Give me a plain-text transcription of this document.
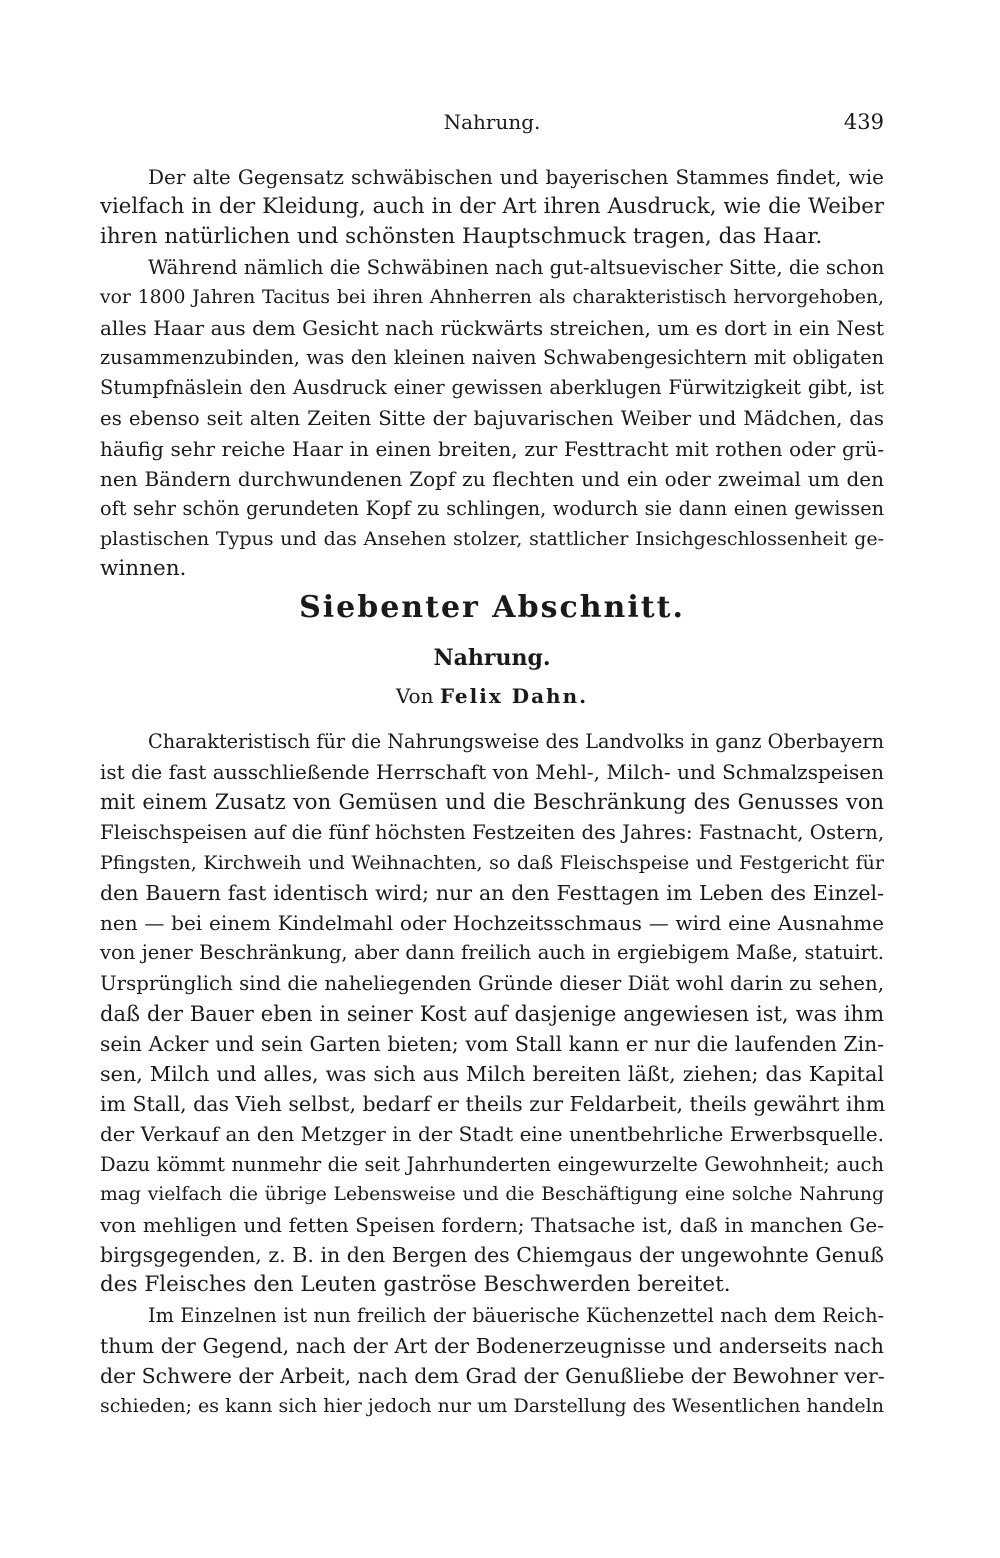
Nahrung.	439
Der alte Gegensatz schwäbischen und bayerischen Stammes findet, wie
vielfach in der Kleidung, auch in der Art ihren Ausdruck, wie die Weiber
ihren natürlichen und schönsten Hauptschmuck tragen, das Haar.
Während nämlich die Schwäbinen nach gut-altsuevischer Sitte, die schon
vor 1800 Jahren Tacitus bei ihren Ahnherren als charakteristisch hervorgehoben,
alles Haar aus dem Gesicht nach rückwärts streichen, um es dort in ein Nest
zusammenzubinden, was den kleinen naiven Schwabengesichtern mit obligaten
Stumpfnäslein den Ausdruck einer gewissen aberklugen Fürwitzigkeit gibt, ist
es ebenso seit alten Zeiten Sitte der bajuvarischen Weiber und Mädchen, das
häufig sehr reiche Haar in einen breiten, zur Festtracht mit rothen oder grü-
nen Bändern durchwundenen Zopf zu flechten und ein oder zweimal um den
oft sehr schön gerundeten Kopf zu schlingen, wodurch sie dann einen gewissen
plastischen Typus und das Ansehen stolzer, stattlicher Insichgeschlossenheit ge-
winnen.
Siebenter Abschnitt.
Nahrung.
Von Felix Dahn.
Charakteristisch für die Nahrungsweise des Landvolks in ganz Oberbayern
ist die fast ausschließende Herrschaft von Mehl-, Milch- und Schmalzspeisen
mit einem Zusatz von Gemüsen und die Beschränkung des Genusses von
Fleischspeisen auf die fünf höchsten Festzeiten des Jahres: Fastnacht, Ostern,
Pfingsten, Kirchweih und Weihnachten, so daß Fleischspeise und Festgericht für
den Bauern fast identisch wird; nur an den Festtagen im Leben des Einzel-
nen — bei einem Kindelmahl oder Hochzeitsschmaus — wird eine Ausnahme
von jener Beschränkung, aber dann freilich auch in ergiebigem Maße, statuirt.
Ursprünglich sind die naheliegenden Gründe dieser Diät wohl darin zu sehen,
daß der Bauer eben in seiner Kost auf dasjenige angewiesen ist, was ihm
sein Acker und sein Garten bieten; vom Stall kann er nur die laufenden Zin-
sen, Milch und alles, was sich aus Milch bereiten läßt, ziehen; das Kapital
im Stall, das Vieh selbst, bedarf er theils zur Feldarbeit, theils gewährt ihm
der Verkauf an den Metzger in der Stadt eine unentbehrliche Erwerbsquelle.
Dazu kömmt nunmehr die seit Jahrhunderten eingewurzelte Gewohnheit; auch
mag vielfach die übrige Lebensweise und die Beschäftigung eine solche Nahrung
von mehligen und fetten Speisen fordern; Thatsache ist, daß in manchen Ge-
birgsgegenden, z. B. in den Bergen des Chiemgaus der ungewohnte Genuß
des Fleisches den Leuten gaströse Beschwerden bereitet.
Im Einzelnen ist nun freilich der bäuerische Küchenzettel nach dem Reich-
thum der Gegend, nach der Art der Bodenerzeugnisse und anderseits nach
der Schwere der Arbeit, nach dem Grad der Genußliebe der Bewohner ver-
schieden; es kann sich hier jedoch nur um Darstellung des Wesentlichen handeln
